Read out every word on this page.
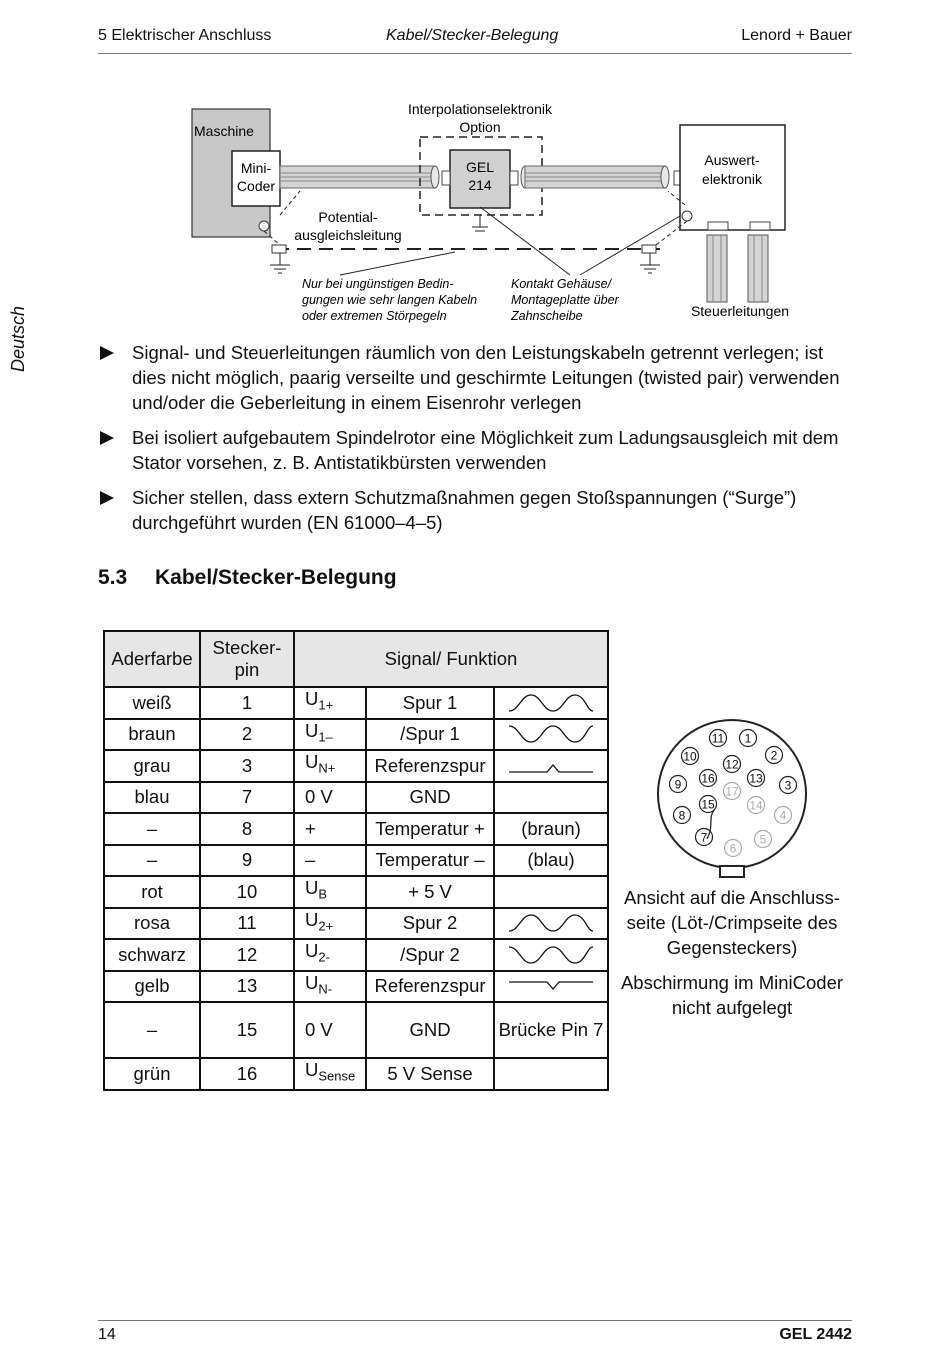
5 Elektrischer Anschluss	Kabel/Stecker-Belegung	Lenord + Bauer
Deutsch
Maschine
Mini-
Coder
Interpolationselektronik
Option
GEL
214
Auswert-
elektronik
Steuerleitungen
Potential-
ausgleichsleitung
Nur bei ungünstigen Bedin-
gungen wie sehr langen Kabeln
oder extremen Störpegeln
Kontakt Gehäuse/
Montageplatte über
Zahnscheibe
Signal- und Steuerleitungen räumlich von den Leistungskabeln getrennt verlegen; ist dies nicht möglich, paarig verseilte und geschirmte Leitungen (twisted pair) verwenden und/oder die Geberleitung in einem Eisenrohr verlegen
Bei isoliert aufgebautem Spindelrotor eine Möglichkeit zum Ladungsausgleich mit dem Stator vorsehen, z. B. Antistatikbürsten verwenden
Sicher stellen, dass extern Schutzmaßnahmen gegen Stoßspannungen (“Surge”) durchgeführt wurden (EN 61000–4–5)
5.3 Kabel/Stecker-Belegung
Aderfarbe	Stecker-
pin	Signal/ Funktion		
weiß	1	$U_{1+}$	Spur 1	

braun	2	$U_{1-}$	/Spur 1	

grau	3	$U_{N+}$	Referenzspur	

blau	7	0 V	GND	
–	8	+	Temperatur +	(braun)
–	9	–	Temperatur –	(blau)
rot	10	$U_B$	+ 5 V	
rosa	11	$U_{2+}$	Spur 2	

schwarz	12	$U_{2-}$	/Spur 2	

gelb	13	$U_{N-}$	Referenzspur	

–	15	0 V	GND	Brücke Pin 7
grün	16	$U_{Sense}$	5 V Sense	
1
2
3
7
8
9
10
11
12
13
15
16
4
5
6
14
17

Ansicht auf die Anschluss-seite (Löt-/Crimpseite des Gegensteckers)

Abschirmung im MiniCoder nicht aufgelegt

14	GEL 2442
